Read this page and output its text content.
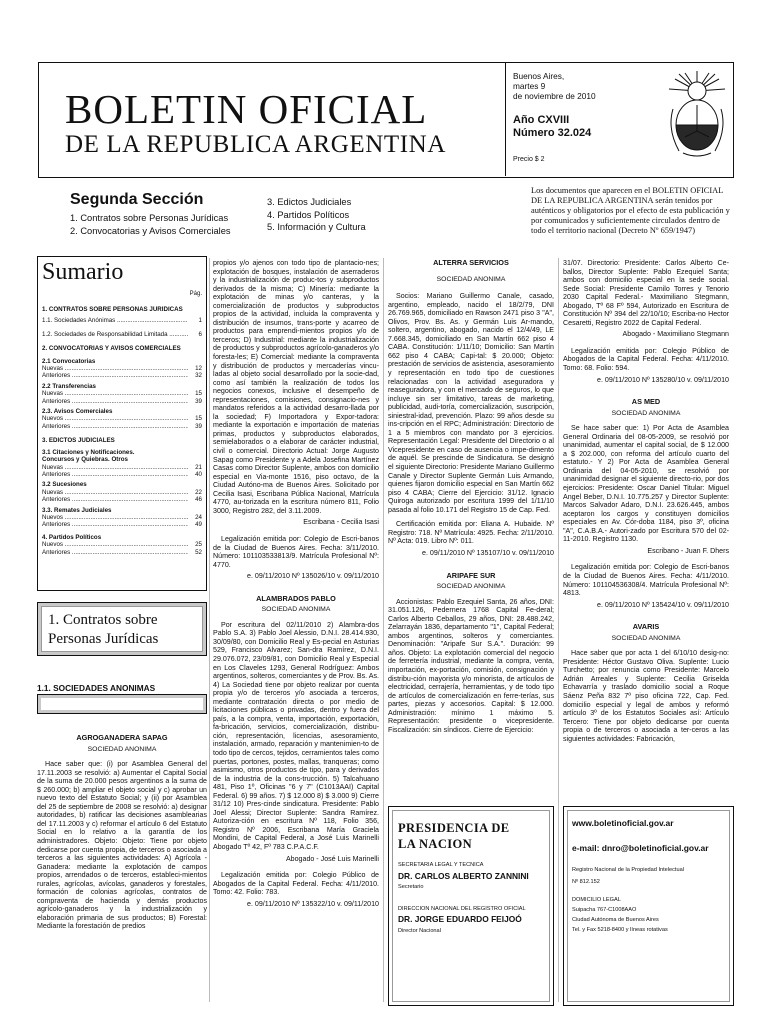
BOLETIN OFICIAL
DE LA REPUBLICA ARGENTINA
Buenos Aires,
martes 9
de noviembre de 2010
Año CXVIII
Número 32.024
Precio $ 2
Segunda Sección
1. Contratos sobre Personas Jurídicas
2. Convocatorias y Avisos Comerciales
3. Edictos Judiciales
4. Partidos Políticos
5. Información y Cultura
Los documentos que aparecen en el BOLETIN OFICIAL DE LA REPUBLICA ARGENTINA serán tenidos por auténticos y obligatorios por el efecto de esta publicación y por comunicados y suficientemente circulados dentro de todo el territorio nacional (Decreto Nº 659/1947)
Sumario
Pág.
1. CONTRATOS SOBRE PERSONAS JURIDICAS
1.1. Sociedades Anónimas .....	1
1.2. Sociedades de Responsabilidad Limitada .....	6
2. CONVOCATORIAS Y AVISOS COMERCIALES
2.1 Convocatorias
Nuevas .....	12
Anteriores .....	32
2.2 Transferencias
Nuevas .....	15
Anteriores .....	39
2.3. Avisos Comerciales
Nuevos .....	15
Anteriores .....	39
3. EDICTOS JUDICIALES
3.1 Citaciones y Notificaciones. Concursos y Quiebras. Otros
Nuevas .....	21
Anteriores .....	40
3.2 Sucesiones
Nuevas .....	22
Anteriores .....	46
3.3. Remates Judiciales
Nuevos .....	24
Anteriores .....	49
4. Partidos Políticos
Nuevos .....	25
Anteriores .....	52
1. Contratos sobre
Personas Jurídicas
1.1. SOCIEDADES ANONIMAS
AGROGANADERA SAPAG
SOCIEDAD ANONIMA

Hace saber que: (i) por Asamblea General del 17.11.2003 se resolvió: a) Aumentar el Capital Social de la suma de 20.000 pesos argentinos a la suma de $ 260.000; b) ampliar el objeto social y c) aprobar un nuevo texto del Estatuto Social; y (ii) por Asamblea del 25 de septiembre de 2008 se resolvió: a) designar autoridades, b) ratificar las decisiones asamblearias del 17.11.2003 y c) reformar el artículo 6 del Estatuto Social en lo relativo a la garantía de los administradores. Objeto: Objeto: Tiene por objeto dedicarse por cuenta propia, de terceros o asociada a terceros a las siguientes actividades: A) Agrícola - Ganadera: mediante la explotación de campos propios, arrendados o de terceros, estableci-mientos rurales, agrícolas, avícolas, ganaderos y forestales, formación de colonias agrícolas, contratos de compraventa de hacienda y demás productos agrícolo-ganaderos y la industrialización y elaboración primaria de sus productos; B) Forestal: Mediante la forestación de predios

propios y/o ajenos con todo tipo de plantacio-nes; explotación de bosques, instalación de aserraderos y la industrialización de produc-tos y subproductos derivados de la misma; C) Minería: mediante la explotación de minas y/o canteras, y la comercialización de productos y subproductos propios de la actividad, incluida la compraventa y distribución de insumos, trans-porte y acarreo de productos para emprendi-mientos propios y/o de terceros; D) Industrial: mediante la industrialización de productos y subproductos agrícolo-ganaderos y/o foresta-les; E) Comercial: mediante la compraventa y distribución de productos y mercaderías vincu-ladas al objeto social desarrollado por la socie-dad, como así también la realización de todos los negocios conexos, inclusive el desempeño de representaciones, comisiones, consignacio-nes y mandatos referidos a la actividad desarro-llada por la sociedad; F) Importadora y Expor-tadora: mediante la exportación e importación de materias primas, productos y subproductos elaborados, semielaborados o a elaborar de carácter industrial, civil o comercial. Directorio Actual: Jorge Augusto Sapag como Presidente y a Adela Josefina Martínez Casas como Director Suplente, ambos con domicilio especial en Via-monte 1516, piso octavo, de la Ciudad Autóno-ma de Buenos Aires. Solicitado por Cecilia Isasi, Escribana Pública Nacional, Matrícula 4770, au-torizada en la escritura número 811, Folio 3000, Registro 282, del 3.11.2009.

Escribana - Cecilia Isasi

Legalización emitida por: Colegio de Escri-banos de la Ciudad de Buenos Aires. Fecha: 3/11/2010. Número: 101103533813/9. Matrícula Profesional Nº: 4770.

e. 09/11/2010 Nº 135026/10 v. 09/11/2010
ALAMBRADOS PABLO
SOCIEDAD ANONIMA

Por escritura del 02/11/2010 2) Alambra-dos Pablo S.A. 3) Pablo Joel Alessio, D.N.I. 28.414.930, 30/09/80, con Domicilio Real y Es-pecial en Asturias 529, Francisco Alvarez; San-dra Ramírez, D.N.I. 29.076.072, 23/09/81, con Domicilio Real y Especial en Los Claveles 1293, General Rodríguez: Ambos argentinos, solteros, comerciantes y de Prov. Bs. As. 4) La Sociedad tiene por objeto realizar por cuenta propia y/o de terceros y/o asociada a terceros, mediante contratación directa o por medio de licitaciones públicas o privadas, dentro y fuera del país, a la compra, venta, importación, exportación, fa-bricación, servicios, comercialización, distribu-ción, representación, licencias, asesoramiento, instalación, armado, reparación y mantenimien-to de todo tipo de cercos, tejidos, cerramientos tales como puertas, portones, postes, mallas, tranqueras; como asimismo, otros productos de tipo, para y derivados de la industria de la cons-trucción. 5) Talcahuano 481, Piso 1º, Oficinas "6 y 7" (C1013AAI) Capital Federal. 6) 99 años. 7) $ 12.000 8) $ 3.000 9) Cierre 31/12 10) Pres-cinde sindicatura. Presidente: Pablo Joel Alessi; Director Suplente: Sandra Ramírez. Autoriza-ción en escritura Nº 118, Folio 356, Registro Nº 2006, Escribana María Graciela Mondini, de Capital Federal, a José Luis Marinelli Abogado Tº 42, Fº 783 C.P.A.C.F.

Abogado - José Luis Marinelli

Legalización emitida por: Colegio Público de Abogados de la Capital Federal. Fecha: 4/11/2010. Tomo: 42. Folio: 783.

e. 09/11/2010 Nº 135322/10 v. 09/11/2010
ALTERRA SERVICIOS
SOCIEDAD ANONIMA

Socios: Mariano Guillermo Canale, casado, argentino, empleado, nacido el 18/2/79, DNI 26.769.965, domiciliado en Rawson 2471 piso 3 "A", Olivos, Prov. Bs. As. y Germán Luis Ar-mando, soltero, argentino, abogado, nacido el 12/4/49, LE 7.668.345, domiciliado en San Martín 662 piso 4 CABA. Constitución: 1/11/10; Domicilio: San Martín 662 piso 4 CABA; Capi-tal: $ 20.000; Objeto: prestación de servicios de asistencia, asesoramiento y representación en todo tipo de cuestiones relacionadas con la actividad aseguradora y reaseguradora, y con el mercado de seguros, lo que incluye sin ser limitativo, tareas de marketing, publicidad, audi-toría, comercialización, suscripción, siniestral-idad, prevención. Plazo: 99 años desde su ins-cripción en el RPC; Administración: Directorio de 1 a 5 miembros con mandato por 3 ejercicios. Representación Legal: Presidente del Directorio o al Vicepresidente en caso de ausencia o impe-dimento de aquél. Se prescinde de Sindicatura. Se designó el siguiente Directorio: Presidente Mariano Guillermo Canale y Director Suplente Germán Luis Armando, quienes fijaron domicilio especial en San Martín 662 piso 4 CABA; Cierre del Ejercicio: 31/12. Ignacio Quiroga autorizado por escritura 1999 del 1/11/10 pasada al folio 10.171 del Registro 15 de Cap. Fed.

Certificación emitida por: Eliana A. Hubaide. Nº Registro: 718. Nº Matrícula: 4925. Fecha: 2/11/2010. Nº Acta: 019. Libro Nº: 011.

e. 09/11/2010 Nº 135107/10 v. 09/11/2010
ARIPAFE SUR
SOCIEDAD ANONIMA

Accionistas: Pablo Ezequiel Santa, 26 años, DNI: 31.051.126, Pedernera 1768 Capital Fe-deral; Carlos Alberto Ceballos, 29 años, DNI: 28.488.242, Zelarrayán 1836, departamento "1", Capital Federal; ambos argentinos, solteros y comerciantes. Denominación: "Aripafe Sur S.A.". Duración: 99 años. Objeto: La explotación comercial del negocio de ferretería industrial, mediante la compra, venta, importación, ex-portación, comisión, consignación y distribu-ción mayorista y/o minorista, de artículos de electricidad, cerrajería, herramientas, y de todo tipo de artículos de comercialización en ferre-terías, sus partes, piezas y accesorios. Capital: $ 12.000. Administración: mínimo 1 máximo 5. Representación: presidente o vicepresidente. Fiscalización: sin síndicos. Cierre de Ejercicio:

31/07. Directorio: Presidente: Carlos Alberto Ce-ballos, Director Suplente: Pablo Ezequiel Santa; ambos con domicilio especial en la sede social. Sede Social: Presidente Camilo Torres y Tenorio 2030 Capital Federal.- Maximiliano Stegmann, Abogado, Tº 68 Fº 594, Autorizado en Escritura de Constitución Nº 394 del 22/10/10; Escriba-no Hector Cesaretti, Registro 2022 de Capital Federal.

Abogado - Maximiliano Stegmann

Legalización emitida por: Colegio Público de Abogados de la Capital Federal. Fecha: 4/11/2010. Tomo: 68. Folio: 594.

e. 09/11/2010 Nº 135280/10 v. 09/11/2010
AS MED
SOCIEDAD ANONIMA

Se hace saber que: 1) Por Acta de Asamblea General Ordinaria del 08-05-2009, se resolvió por unanimidad, aumentar el capital social, de $ 12.000 a $ 202.000, con reforma del artículo cuarto del estatuto.- Y 2) Por Acta de Asamblea General Ordinaria del 04-05-2010, se resolvió por unanimidad designar el siguiente directo-rio, por dos ejercicios: Presidente: Oscar Daniel Titular: Miguel Angel Beber, D.N.I. 10.775.257 y Director Suplente: Marcos Salvador Adaro, D.N.I. 23.626.445, ambos aceptaron los cargos y constituyen domicilios especiales en Av. Cór-doba 1184, piso 3º, oficina "A", C.A.B.A.- Autori-zado por Escritura 570 del 02-11-2010. Registro 1130.

Escribano - Juan F. Dhers

Legalización emitida por: Colegio de Escri-banos de la Ciudad de Buenos Aires. Fecha: 4/11/2010. Número: 101104536308/4. Matrícula Profesional Nº: 4813.

e. 09/11/2010 Nº 135424/10 v. 09/11/2010
AVARIS
SOCIEDAD ANONIMA

Hace saber que por acta 1 del 6/10/10 desig-no: Presidente: Héctor Gustavo Oliva. Suplente: Lucio Turchetto; por renuncia como Presidente: Marcelo Adrián Arreales y Suplente: Cecilia Griselda Echavarría y traslado domicilio social a Roque Sáenz Peña 832 7º piso oficina 722, Cap. Fed. domicilio especial y legal de ambos y reformó artículo 3º de los Estatutos Sociales así: Artículo Tercero: Tiene por objeto dedicarse por cuenta propia o de terceros o asociada a ter-ceros a las siguientes actividades: Fabricación,

PRESIDENCIA DE
LA NACION
SECRETARIA LEGAL Y TECNICA
DR. CARLOS ALBERTO ZANNINI
Secretario
DIRECCION NACIONAL DEL REGISTRO OFICIAL
DR. JORGE EDUARDO FEIJOÓ
Director Nacional
www.boletinoficial.gov.ar
e-mail: dnro@boletinoficial.gov.ar
Registro Nacional de la Propiedad Intelectual
Nº 812.152
DOMICILIO LEGAL
Suipacha 767-C1008AAO
Ciudad Autónoma de Buenos Aires
Tel. y Fax 5218-8400 y líneas rotativas
